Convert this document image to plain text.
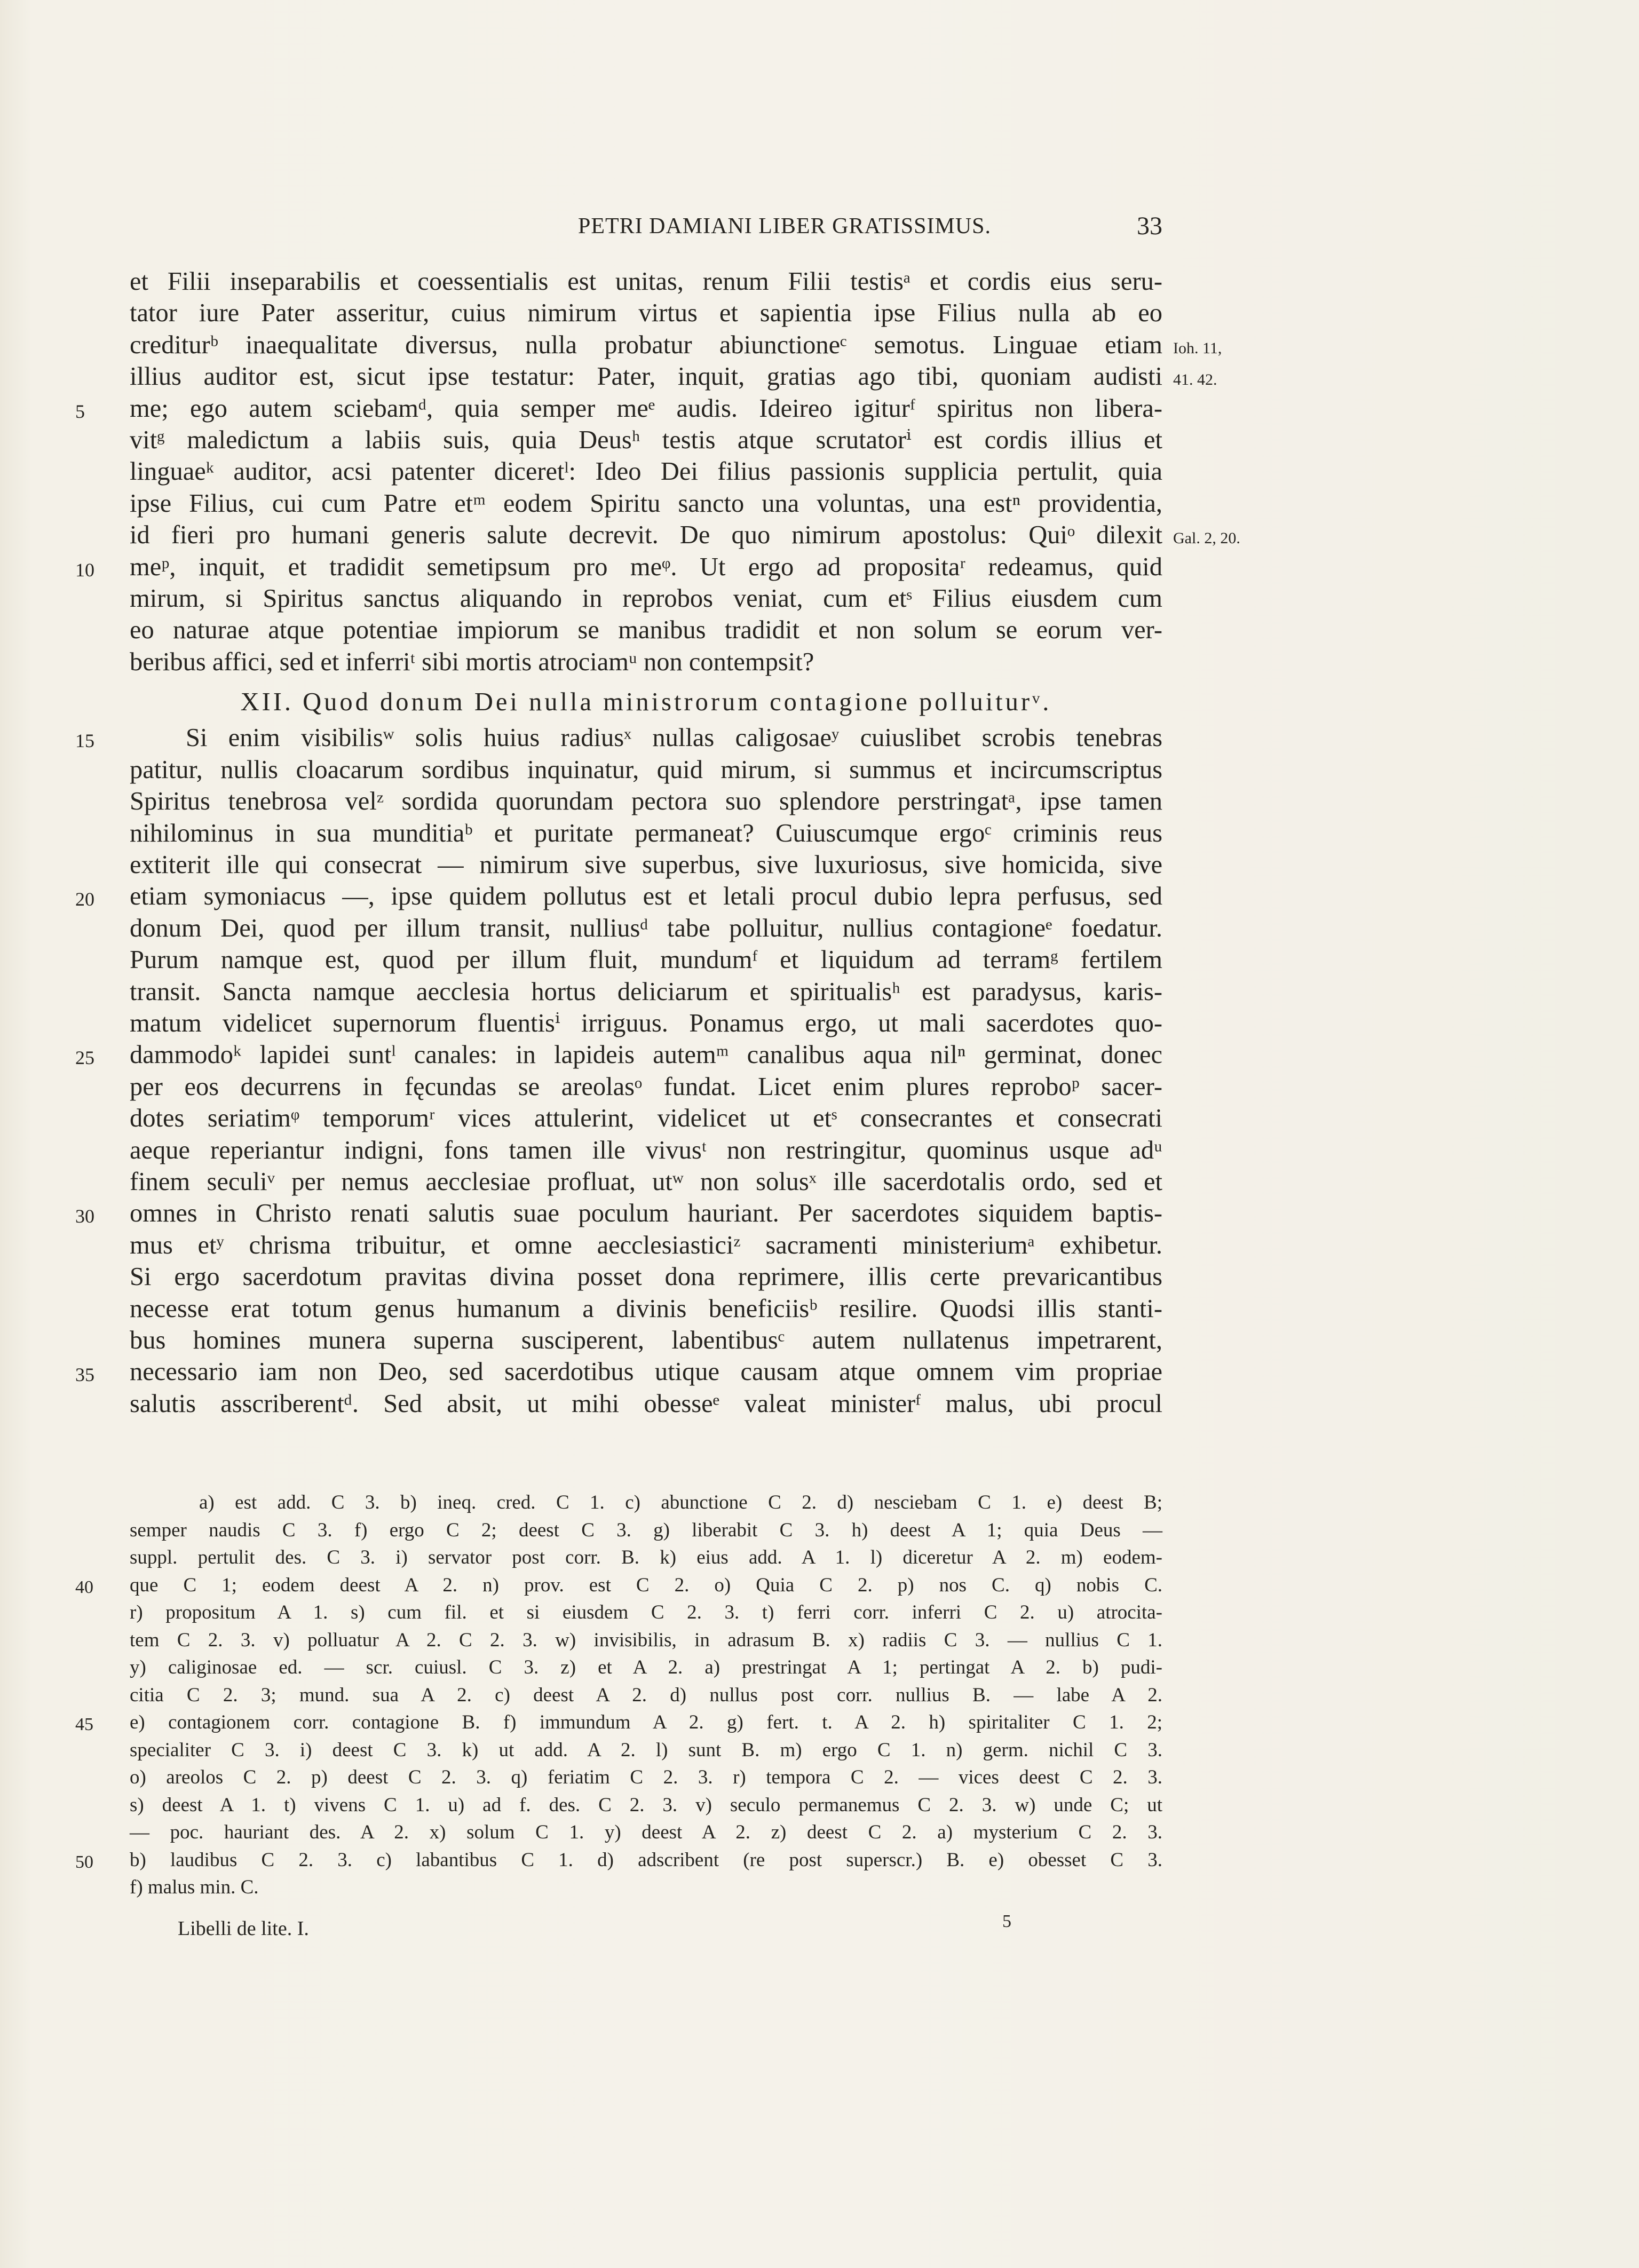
PETRI DAMIANI LIBER GRATISSIMUS.	33
et Filii inseparabilis et coessentialis est unitas, renum Filii testisᵃ et cordis eius seru-
tator iure Pater asseritur, cuius nimirum virtus et sapientia ipse Filius nulla ab eo
crediturᵇ inaequalitate diversus, nulla probatur abiunctioneᶜ semotus. Linguae etiam Ioh. 11,
illius auditor est, sicut ipse testatur: Pater, inquit, gratias ago tibi, quoniam audisti 41. 42.
me; ego autem sciebamᵈ, quia semper meᵉ audis. Ideireo igiturᶠ spiritus non libera-
5
vitᵍ maledictum a labiis suis, quia Deusʰ testis atque scrutatorⁱ est cordis illius et
linguaeᵏ auditor, acsi patenter diceretˡ: Ideo Dei filius passionis supplicia pertulit, quia
ipse Filius, cui cum Patre etᵐ eodem Spiritu sancto una voluntas, una estⁿ providentia,
id fieri pro humani generis salute decrevit. De quo nimirum apostolus: Quiᵒ dilexit Gal. 2, 20.
meᵖ, inquit, et tradidit semetipsum pro meᵠ. Ut ergo ad propositaʳ redeamus, quid
10
mirum, si Spiritus sanctus aliquando in reprobos veniat, cum etˢ Filius eiusdem cum
eo naturae atque potentiae impiorum se manibus tradidit et non solum se eorum ver-
beribus affici, sed et inferriᵗ sibi mortis atrociamᵘ non contempsit?
XII. Quod donum Dei nulla ministrorum contagione polluiturᵛ.
Si enim visibilisʷ solis huius radiusˣ nullas caligosaeʸ cuiuslibet scrobis tenebras
15
patitur, nullis cloacarum sordibus inquinatur, quid mirum, si summus et incircumscriptus
Spiritus tenebrosa velᶻ sordida quorundam pectora suo splendore perstringatᵃ, ipse tamen
nihilominus in sua munditiaᵇ et puritate permaneat? Cuiuscumque ergoᶜ criminis reus
extiterit ille qui consecrat — nimirum sive superbus, sive luxuriosus, sive homicida, sive
etiam symoniacus —, ipse quidem pollutus est et letali procul dubio lepra perfusus, sed
20
donum Dei, quod per illum transit, nulliusᵈ tabe polluitur, nullius contagioneᵉ foedatur.
Purum namque est, quod per illum fluit, mundumᶠ et liquidum ad terramᵍ fertilem
transit. Sancta namque aecclesia hortus deliciarum et spiritualisʰ est paradysus, karis-
matum videlicet supernorum fluentisⁱ irriguus. Ponamus ergo, ut mali sacerdotes quo-
dammodoᵏ lapidei suntˡ canales: in lapideis autemᵐ canalibus aqua nilⁿ germinat, donec
25
per eos decurrens in fęcundas se areolasᵒ fundat. Licet enim plures reproboᵖ sacer-
dotes seriatimᵠ temporumʳ vices attulerint, videlicet ut etˢ consecrantes et consecrati
aeque reperiantur indigni, fons tamen ille vivusᵗ non restringitur, quominus usque adᵘ
finem seculiᵛ per nemus aecclesiae profluat, utʷ non solusˣ ille sacerdotalis ordo, sed et
omnes in Christo renati salutis suae poculum hauriant. Per sacerdotes siquidem baptis-
30
mus etʸ chrisma tribuitur, et omne aecclesiasticiᶻ sacramenti ministeriumᵃ exhibetur.
Si ergo sacerdotum pravitas divina posset dona reprimere, illis certe prevaricantibus
necesse erat totum genus humanum a divinis beneficiisᵇ resilire. Quodsi illis stanti-
bus homines munera superna susciperent, labentibusᶜ autem nullatenus impetrarent,
necessario iam non Deo, sed sacerdotibus utique causam atque omnem vim propriae
35
salutis asscriberentᵈ. Sed absit, ut mihi obesseᵉ valeat ministerᶠ malus, ubi procul
a) est add. C 3. b) ineq. cred. C 1. c) abunctione C 2. d) nesciebam C 1. e) deest B;
semper naudis C 3. f) ergo C 2; deest C 3. g) liberabit C 3. h) deest A 1; quia Deus —
suppl. pertulit des. C 3. i) servator post corr. B. k) eius add. A 1. l) diceretur A 2. m) eodem-
que C 1; eodem deest A 2. n) prov. est C 2. o) Quia C 2. p) nos C. q) nobis C.
40
r) propositum A 1. s) cum fil. et si eiusdem C 2. 3. t) ferri corr. inferri C 2. u) atrocita-
tem C 2. 3. v) polluatur A 2. C 2. 3. w) invisibilis, in adrasum B. x) radiis C 3. — nullius C 1.
y) caliginosae ed. — scr. cuiusl. C 3. z) et A 2. a) prestringat A 1; pertingat A 2. b) pudi-
citia C 2. 3; mund. sua A 2. c) deest A 2. d) nullus post corr. nullius B. — labe A 2.
e) contagionem corr. contagione B. f) immundum A 2. g) fert. t. A 2. h) spiritaliter C 1. 2;
45
specialiter C 3. i) deest C 3. k) ut add. A 2. l) sunt B. m) ergo C 1. n) germ. nichil C 3.
o) areolos C 2. p) deest C 2. 3. q) feriatim C 2. 3. r) tempora C 2. — vices deest C 2. 3.
s) deest A 1. t) vivens C 1. u) ad f. des. C 2. 3. v) seculo permanemus C 2. 3. w) unde C; ut
— poc. hauriant des. A 2. x) solum C 1. y) deest A 2. z) deest C 2. a) mysterium C 2. 3.
b) laudibus C 2. 3. c) labantibus C 1. d) adscribent (re post superscr.) B. e) obesset C 3.
50
f) malus min. C.
Libelli de lite. I.	5
